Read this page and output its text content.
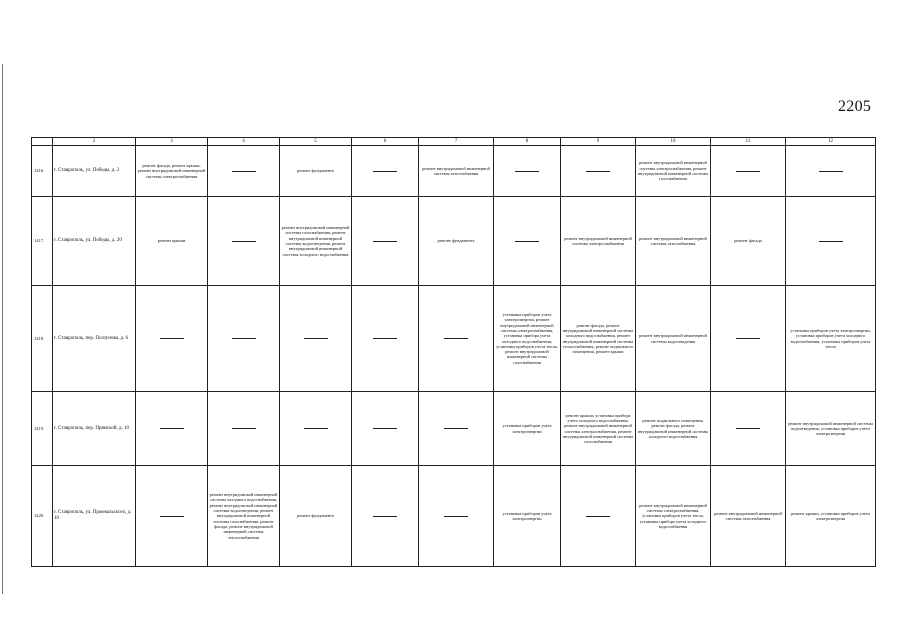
2205
	2	3	4	5	6	7	8	9	10	11	12
1416.	г. Ставрополь, ул. Победы, д. 2	ремонт фасада, ремонт крыши, ремонт внутридомовой инженерной системы электроснабжения		ремонт фундамента		ремонт внутридомовой инженерной системы газоснабжения			ремонт внутридомовой инженерной системы электроснабжения, ремонт внутридомовой инженерной системы газоснабжения		
1417.	г. Ставрополь, ул. Победы, д. 20	ремонт крыши		ремонт внутридомовой инженерной системы газоснабжения, ремонт внутридомовой инженерной системы водоотведения, ремонт внутридомовой инженерной системы холодного водоснабжения		ремонт фундамента		ремонт внутридомовой инженерной системы электроснабжения	ремонт внутридомовой инженерной системы газоснабжения	ремонт фасада	
1418.	г. Ставрополь, пер. Ползунова, д. 6						установка приборов учета электроэнергии, ремонт внутридомовой инженерной системы электроснабжения, установка прибора учета холодного водоснабжения, установка приборов учета тепла, ремонт внутридомовой инженерной системы газоснабжения	ремонт фасада, ремонт внутридомовой инженерной системы холодного водоснабжения, ремонт внутридомовой инженерной системы теплоснабжения, ремонт подвального помещения, ремонт крыши	ремонт внутридомовой инженерной системы водоотведения		установка приборов учета электроэнергии, установка приборов учета холодного водоснабжения, установка приборов учета тепла
1419.	г. Ставрополь, пер. Прямской, д. 10						установка приборов учета электроэнергии	ремонт крыши, установка прибора учета холодного водоснабжения, ремонт внутридомовой инженерной системы электроснабжения, ремонт внутридомовой инженерной системы газоснабжения	ремонт подвального помещения, ремонт фасада, ремонт внутридомовой инженерной системы холодного водоснабжения		ремонт внутридомовой инженерной системы водоотведения, установка приборов учета электроэнергии
1420.	г. Ставрополь, ул. Пржевальского, д. 10		ремонт внутридомовой инженерной системы холодного водоснабжения, ремонт внутридомовой инженерной системы водоотведения, ремонт внутридомовой инженерной системы газоснабжения, ремонт фасада, ремонт внутридомовой инженерной системы теплоснабжения	ремонт фундамента			установка приборов учета электроэнергии		ремонт внутридомовой инженерной системы электроснабжения, установка приборов учета тепла, установка прибора учета холодного водоснабжения	ремонт внутридомовой инженерной системы газоснабжения	ремонт крыши, установка приборов учета электроэнергии
